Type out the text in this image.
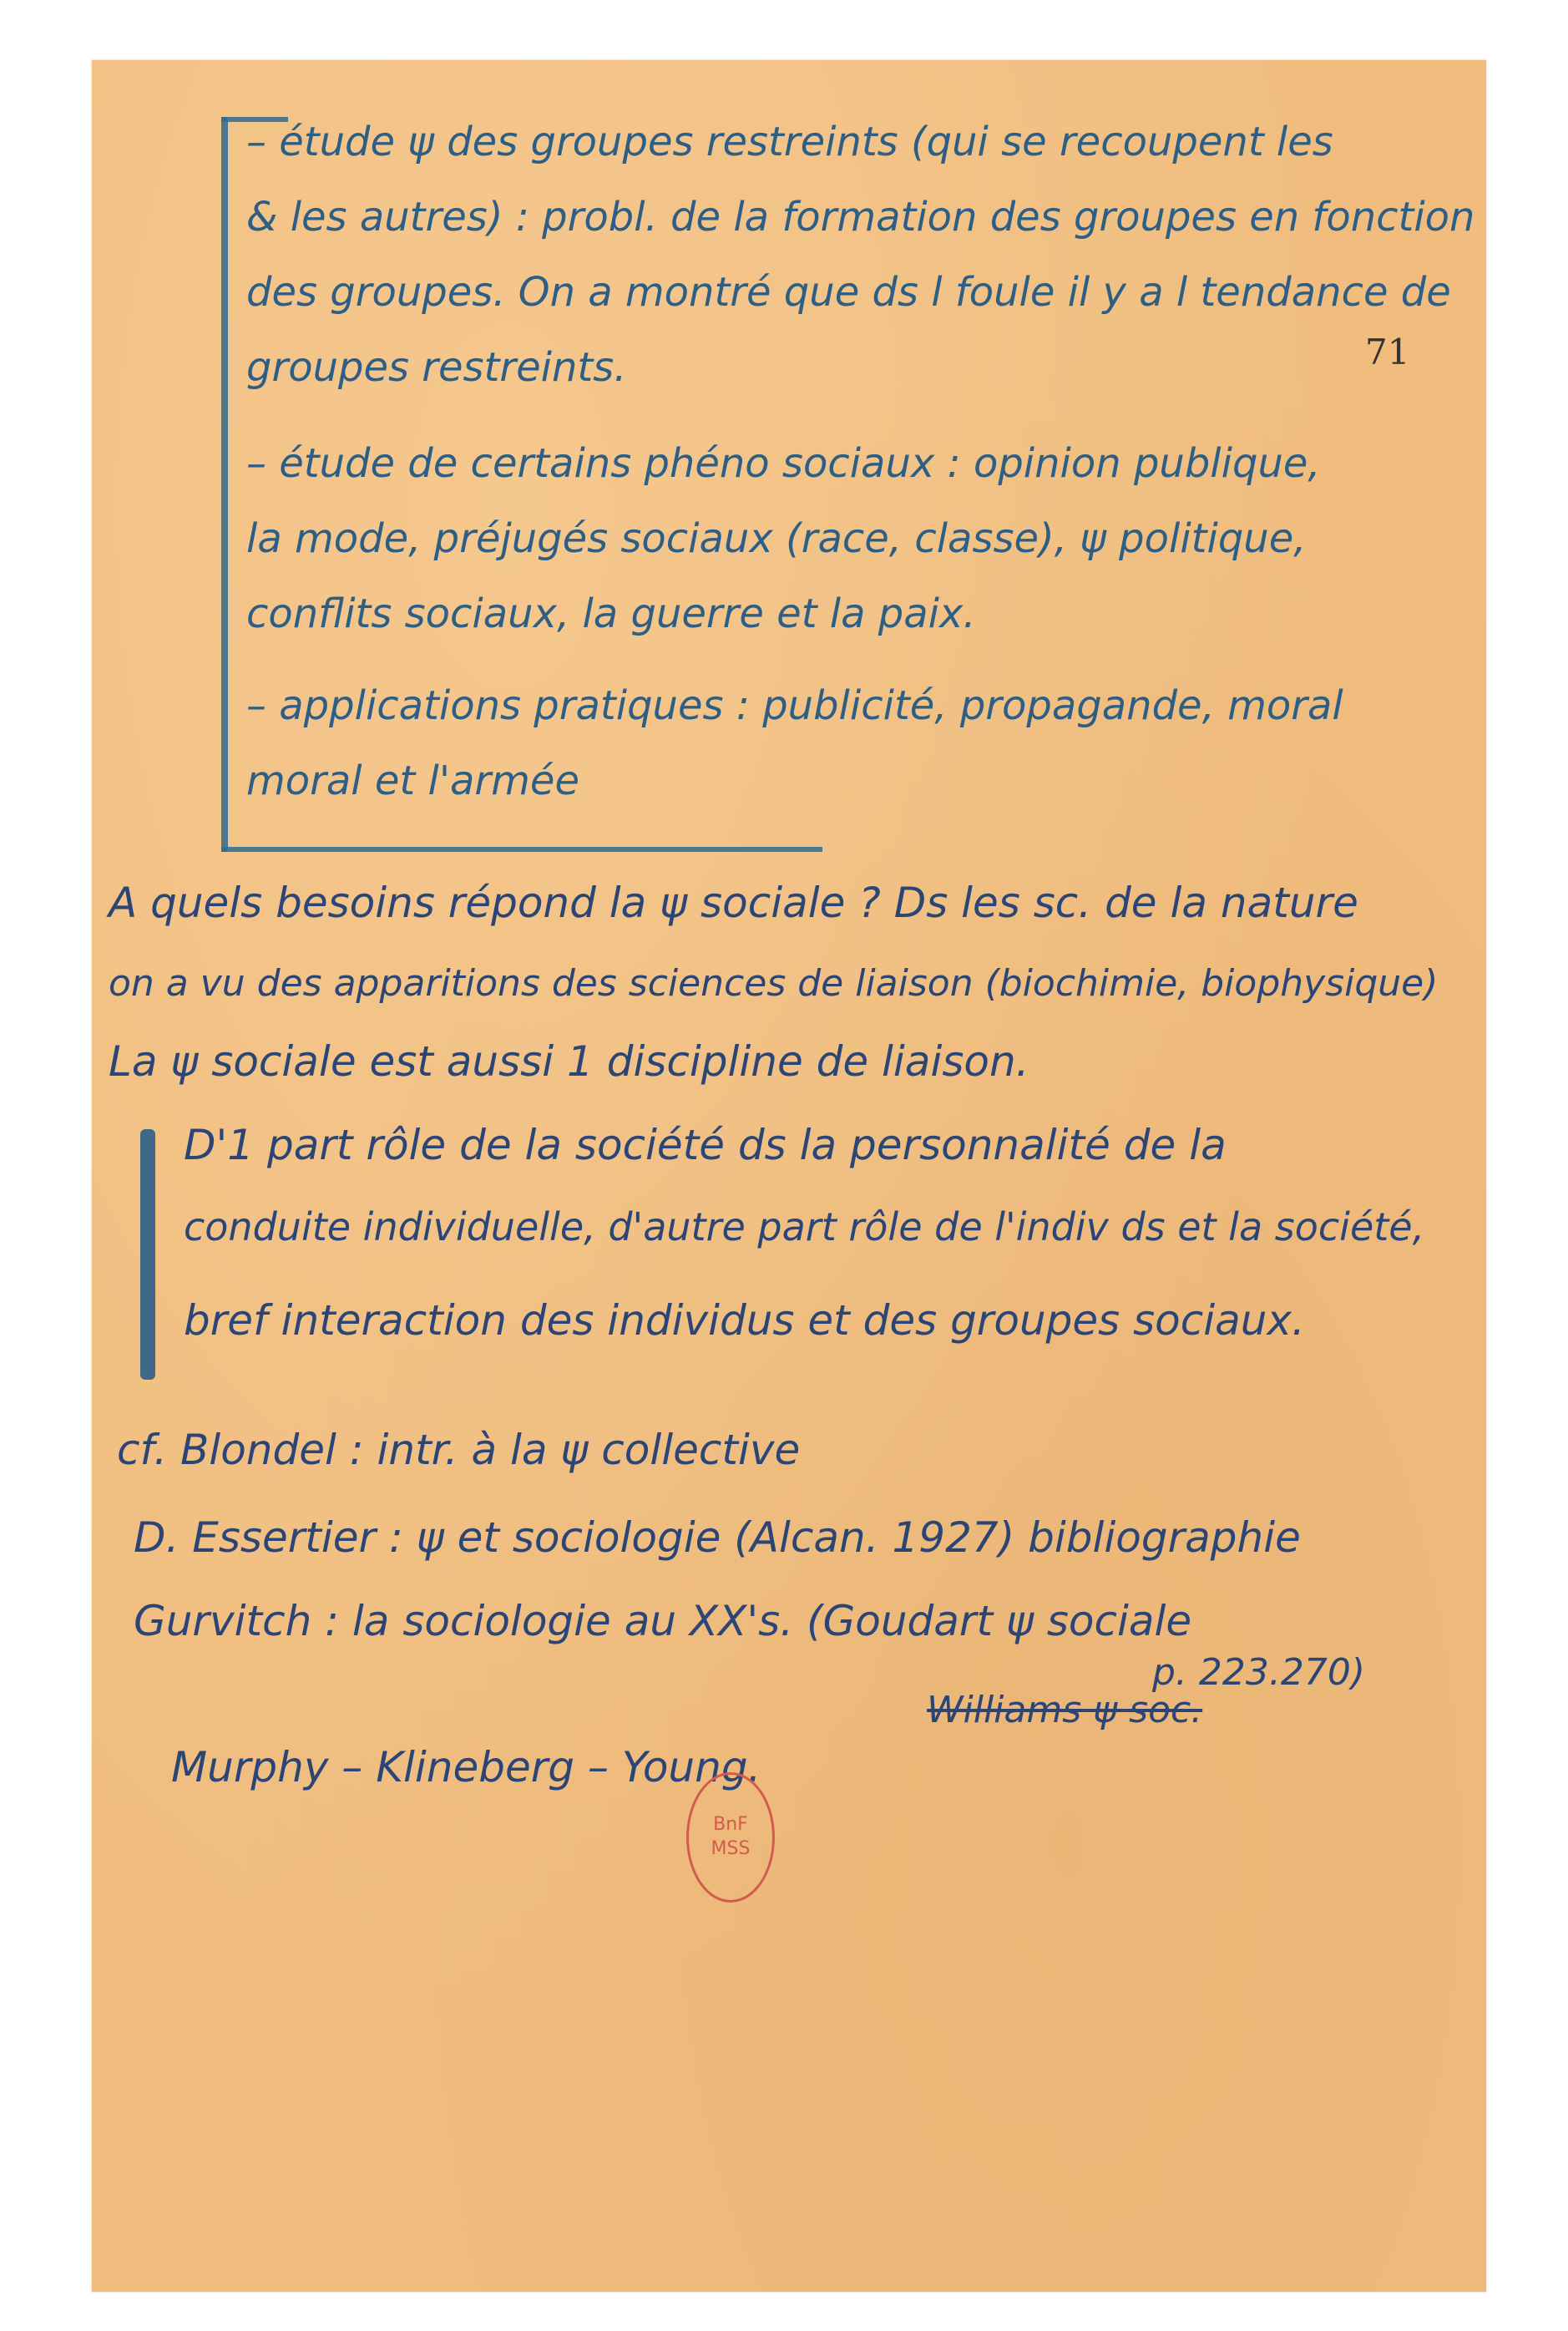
– étude ψ des groupes restreints (qui se recoupent les
& les autres) : probl. de la formation des groupes en fonction
des groupes. On a montré que ds l foule il y a l tendance de
groupes restreints.	71
– étude de certains phéno sociaux : opinion publique,
la mode, préjugés sociaux (race, classe), ψ politique,
conflits sociaux, la guerre et la paix.
– applications pratiques : publicité, propagande, moral
moral et l'armée
A quels besoins répond la ψ sociale ? Ds les sc. de la nature
on a vu des apparitions des sciences de liaison (biochimie, biophysique)
La ψ sociale est aussi 1 discipline de liaison.
D'1 part rôle de la société ds la personnalité de la
conduite individuelle, d'autre part rôle de l'indiv ds et la société,
bref interaction des individus et des groupes sociaux.
cf. Blondel : intr. à la ψ collective
D. Essertier : ψ et sociologie (Alcan. 1927) bibliographie
Gurvitch : la sociologie au XX's. (Goudart ψ sociale
p. 223.270)
Williams ψ soc.
Murphy – Klineberg – Young.
BnF
MSS
